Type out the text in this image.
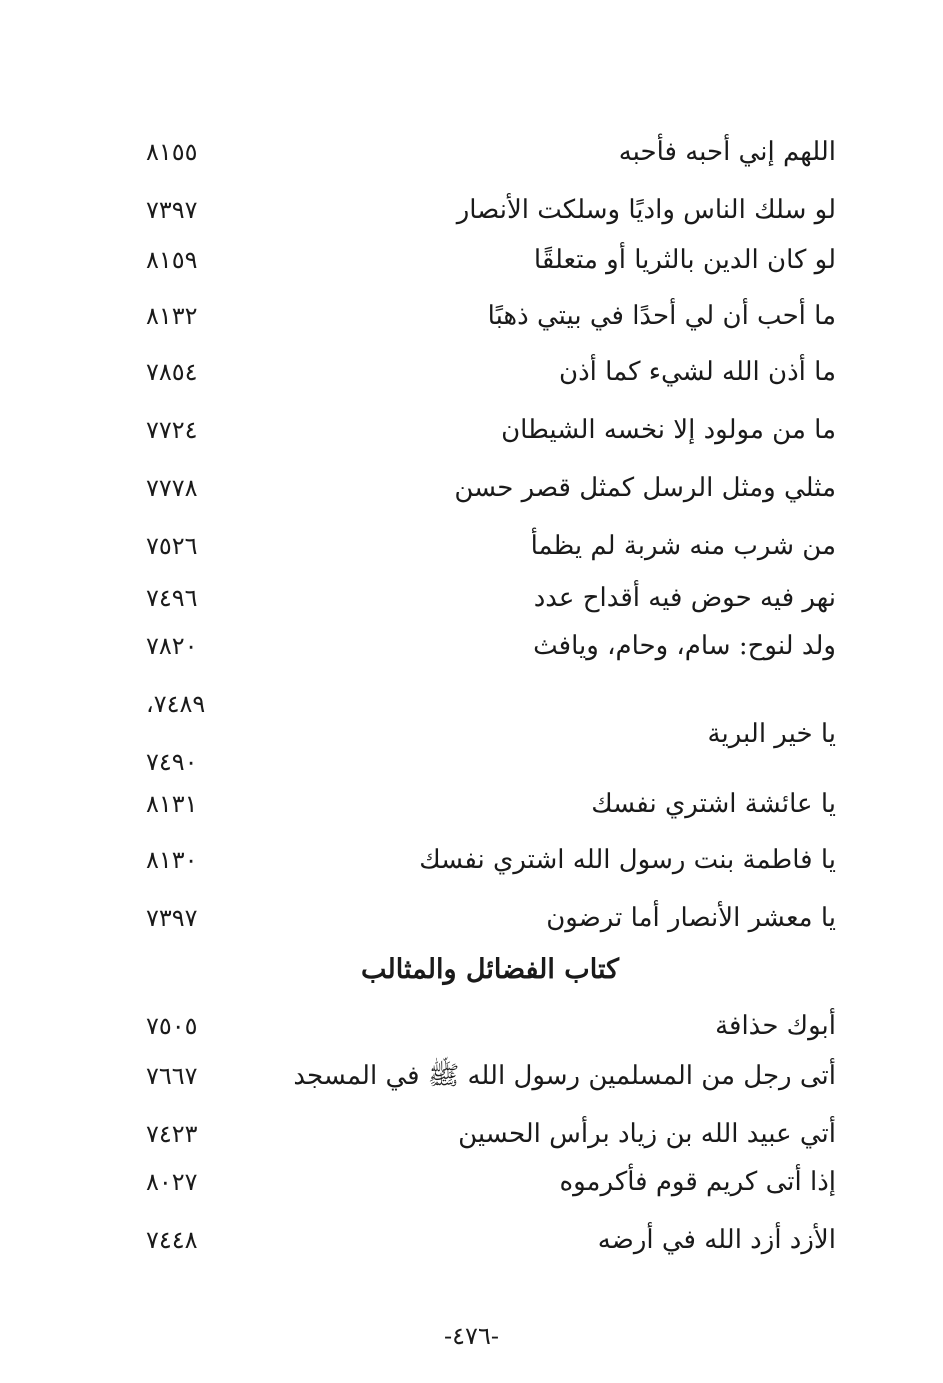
اللهم إني أحبه فأحبه
٨١٥٥
لو سلك الناس واديًا وسلكت الأنصار
٧٣٩٧
لو كان الدين بالثريا أو متعلقًا
٨١٥٩
ما أحب أن لي أحدًا في بيتي ذهبًا
٨١٣٢
ما أذن الله لشيء كما أذن
٧٨٥٤
ما من مولود إلا نخسه الشيطان
٧٧٢٤
مثلي ومثل الرسل كمثل قصر حسن
٧٧٧٨
من شرب منه شربة لم يظمأ
٧٥٢٦
نهر فيه حوض فيه أقداح عدد
٧٤٩٦
ولد لنوح: سام، وحام، ويافث
٧٨٢٠
٧٤٨٩،
يا خير البرية
٧٤٩٠
يا عائشة اشتري نفسك
٨١٣١
يا فاطمة بنت رسول الله اشتري نفسك
٨١٣٠
يا معشر الأنصار أما ترضون
٧٣٩٧
كتاب الفضائل والمثالب
أبوك حذافة
٧٥٠٥
أتى رجل من المسلمين رسول الله ﷺ في المسجد
٧٦٦٧
أتي عبيد الله بن زياد برأس الحسين
٧٤٢٣
إذا أتى كريم قوم فأكرموه
٨٠٢٧
الأزد أزد الله في أرضه
٧٤٤٨
-٤٧٦-
